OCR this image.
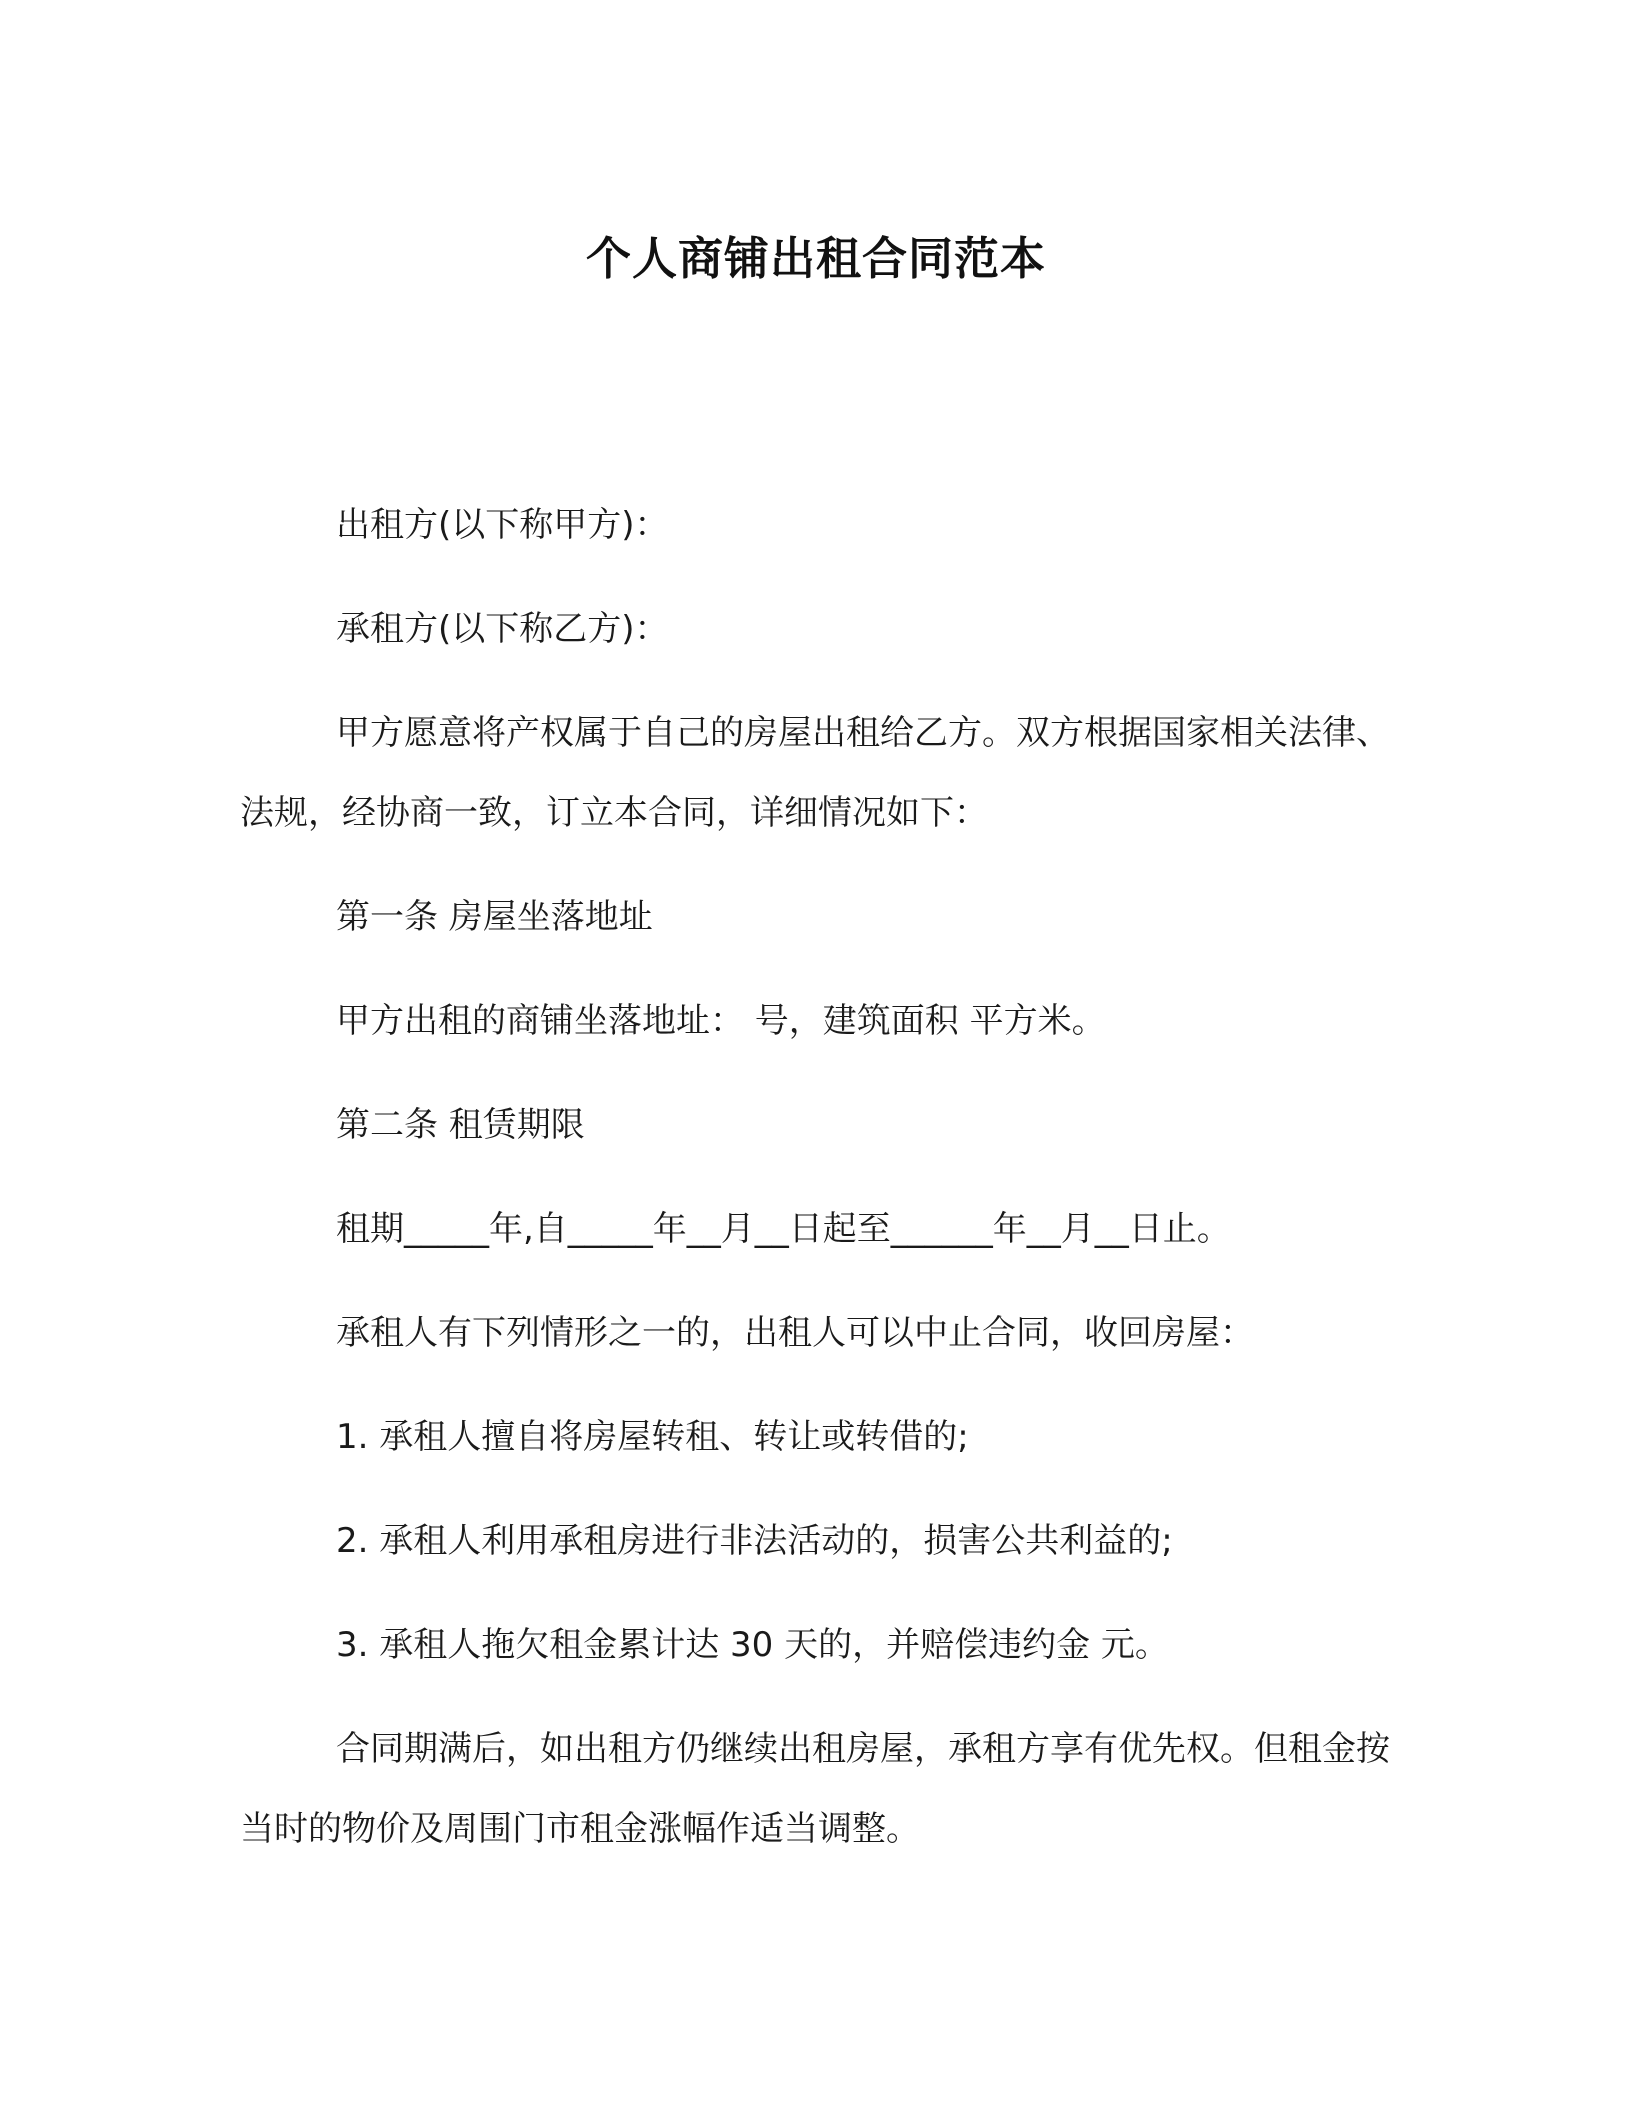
个人商铺出租合同范本

出租方(以下称甲方)：

承租方(以下称乙方)：

甲方愿意将产权属于自己的房屋出租给乙方。双方根据国家相关法律、法规，经协商一致，订立本合同，详细情况如下：

第一条 房屋坐落地址

甲方出租的商铺坐落地址： 号，建筑面积 平方米。

第二条 租赁期限

租期_____年,自_____年__月__日起至______年__月__日止。

承租人有下列情形之一的，出租人可以中止合同，收回房屋：

1. 承租人擅自将房屋转租、转让或转借的;

2. 承租人利用承租房进行非法活动的，损害公共利益的;

3. 承租人拖欠租金累计达 30 天的，并赔偿违约金 元。

合同期满后，如出租方仍继续出租房屋，承租方享有优先权。但租金按当时的物价及周围门市租金涨幅作适当调整。
